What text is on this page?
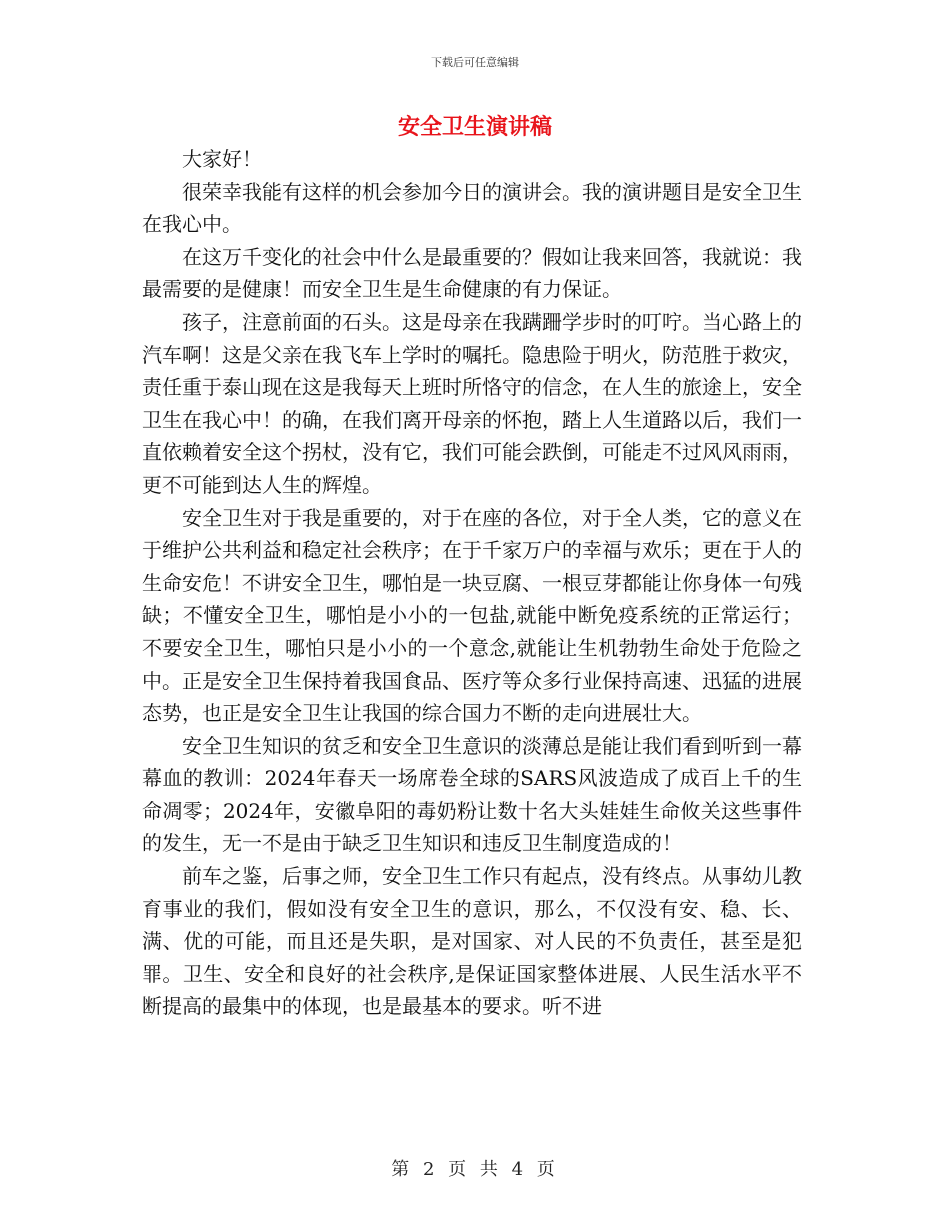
下载后可任意编辑
安全卫生演讲稿

大家好！

很荣幸我能有这样的机会参加今日的演讲会。我的演讲题目是安全卫生在我心中。

在这万千变化的社会中什么是最重要的？假如让我来回答，我就说：我最需要的是健康！而安全卫生是生命健康的有力保证。

孩子，注意前面的石头。这是母亲在我蹒跚学步时的叮咛。当心路上的汽车啊！这是父亲在我飞车上学时的嘱托。隐患险于明火，防范胜于救灾，责任重于泰山现在这是我每天上班时所恪守的信念，在人生的旅途上，安全卫生在我心中！的确，在我们离开母亲的怀抱，踏上人生道路以后，我们一直依赖着安全这个拐杖，没有它，我们可能会跌倒，可能走不过风风雨雨，更不可能到达人生的辉煌。

安全卫生对于我是重要的，对于在座的各位，对于全人类，它的意义在于维护公共利益和稳定社会秩序；在于千家万户的幸福与欢乐；更在于人的生命安危！不讲安全卫生，哪怕是一块豆腐、一根豆芽都能让你身体一句残缺；不懂安全卫生，哪怕是小小的一包盐,就能中断免疫系统的正常运行；不要安全卫生，哪怕只是小小的一个意念,就能让生机勃勃生命处于危险之中。正是安全卫生保持着我国食品、医疗等众多行业保持高速、迅猛的进展态势，也正是安全卫生让我国的综合国力不断的走向进展壮大。

安全卫生知识的贫乏和安全卫生意识的淡薄总是能让我们看到听到一幕幕血的教训：2024年春天一场席卷全球的SARS风波造成了成百上千的生命凋零；2024年，安徽阜阳的毒奶粉让数十名大头娃娃生命攸关这些事件的发生，无一不是由于缺乏卫生知识和违反卫生制度造成的！

前车之鉴，后事之师，安全卫生工作只有起点，没有终点。从事幼儿教育事业的我们，假如没有安全卫生的意识，那么，不仅没有安、稳、长、满、优的可能，而且还是失职，是对国家、对人民的不负责任，甚至是犯罪。卫生、安全和良好的社会秩序,是保证国家整体进展、人民生活水平不断提高的最集中的体现，也是最基本的要求。听不进

第 2 页 共 4 页
